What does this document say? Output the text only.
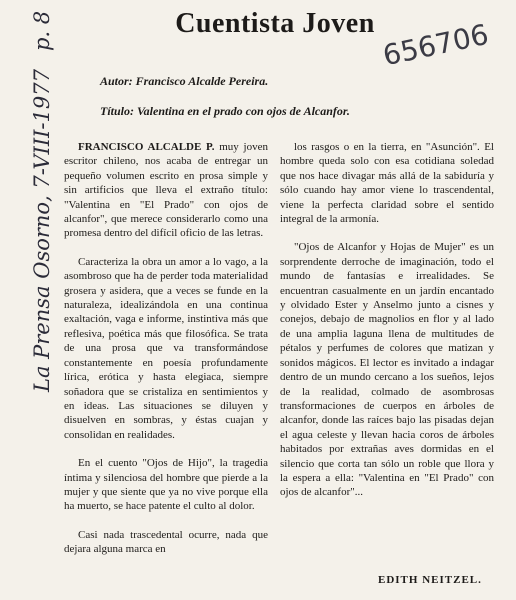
Cuentista Joven 656706
Autor: Francisco Alcalde Pereira.
Título: Valentina en el prado con ojos de Alcanfor.
La Prensa Osorno, 7-VIII-1977p. 8

FRANCISCO ALCALDE P. muy joven escritor chileno, nos acaba de entregar un pequeño volumen escrito en prosa simple y sin artificios que lleva el extraño título: "Valentina en "El Prado" con ojos de alcanfor", que merece considerarlo como una promesa dentro del difícil oficio de las letras.

Caracteriza la obra un amor a lo vago, a la asombroso que ha de perder toda materialidad grosera y asidera, que a veces se funde en la naturaleza, idealizándola en una continua exaltación, vaga e informe, instintiva más que reflesiva, poética más que filosófica. Se trata de una prosa que va transformándose constantemente en poesía profundamente lírica, erótica y hasta elegiaca, siempre soñadora que se cristaliza en sentimientos y en ideas. Las situaciones se diluyen y disuelven en sombras, y éstas cuajan y consolidan en realidades.

En el cuento "Ojos de Hijo", la tragedia íntima y silenciosa del hombre que pierde a la mujer y que siente que ya no vive porque ella ha muerto, se hace patente el culto al dolor.

Casi nada trascedental ocurre, nada que dejara alguna marca en

los rasgos o en la tierra, en "Asunción". El hombre queda solo con esa cotidiana soledad que nos hace divagar más allá de la sabiduría y sólo cuando hay amor viene lo trascendental, viene la perfecta claridad sobre el sentido integral de la armonía.

"Ojos de Alcanfor y Hojas de Mujer" es un sorprendente derroche de imaginación, todo el mundo de fantasías e irrealidades. Se encuentran casualmente en un jardín encantado y olvidado Ester y Anselmo junto a cisnes y conejos, debajo de magnolios en flor y al lado de una amplia laguna llena de multitudes de pétalos y perfumes de colores que matizan y sonidos mágicos. El lector es invitado a indagar dentro de un mundo cercano a los sueños, lejos de la realidad, colmado de asombrosas transformaciones de cuerpos en árboles de alcanfor, donde las raíces bajo las pisadas dejan el agua celeste y llevan hacia coros de árboles habitados por extrañas aves dormidas en el silencio que corta tan sólo un roble que llora y la espera a ella: "Valentina en "El Prado" con ojos de alcanfor"...

EDITH NEITZEL.
